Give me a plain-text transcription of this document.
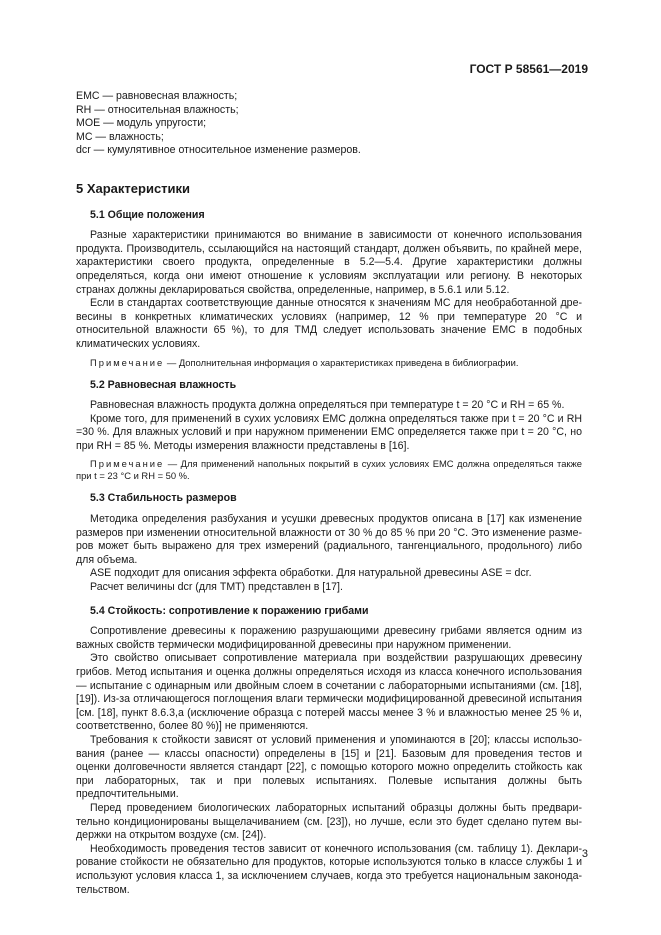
ГОСТ Р 58561—2019
EMC — равновесная влажность;
RH — относительная влажность;
MOE — модуль упругости;
MC — влажность;
dcr — кумулятивное относительное изменение размеров.
5 Характеристики
5.1 Общие положения

Разные характеристики принимаются во внимание в зависимости от конечного использования продукта. Производитель, ссылающийся на настоящий стандарт, должен объявить, по крайней мере, характеристики своего продукта, определенные в 5.2—5.4. Другие характеристики должны определяться, когда они имеют отношение к условиям эксплуатации или региону. В некоторых странах должны декларироваться свойства, определенные, например, в 5.6.1 или 5.12.

Если в стандартах соответствующие данные относятся к значениям MC для необработанной древесины в конкретных климатических условиях (например, 12 % при температуре 20 °С и относительной влажности 65 %), то для ТМД следует использовать значение EMC в подобных климатических условиях.

Примечание — Дополнительная информация о характеристиках приведена в библиографии.

5.2 Равновесная влажность

Равновесная влажность продукта должна определяться при температуре t = 20 °С и RH = 65 %.

Кроме того, для применений в сухих условиях EMC должна определяться также при t = 20 °С и RH =30 %. Для влажных условий и при наружном применении EMC определяется также при t = 20 °С, но при RH = 85 %. Методы измерения влажности представлены в [16].

Примечание — Для применений напольных покрытий в сухих условиях EMC должна определяться также при t = 23 °С и RH = 50 %.

5.3 Стабильность размеров

Методика определения разбухания и усушки древесных продуктов описана в [17] как изменение размеров при изменении относительной влажности от 30 % до 85 % при 20 °С. Это изменение размеров может быть выражено для трех измерений (радиального, тангенциального, продольного) либо для объема.

ASE подходит для описания эффекта обработки. Для натуральной древесины ASE = dcr.

Расчет величины dcr (для ТМТ) представлен в [17].

5.4 Стойкость: сопротивление к поражению грибами

Сопротивление древесины к поражению разрушающими древесину грибами является одним из важных свойств термически модифицированной древесины при наружном применении.

Это свойство описывает сопротивление материала при воздействии разрушающих древесину грибов. Метод испытания и оценка должны определяться исходя из класса конечного использования — испытание с одинарным или двойным слоем в сочетании с лабораторными испытаниями (см. [18], [19]). Из-за отличающегося поглощения влаги термически модифицированной древесиной испытания [см. [18], пункт 8.6.3,а (исключение образца с потерей массы менее 3 % и влажностью менее 25 % и, соответственно, более 80 %)] не применяются.

Требования к стойкости зависят от условий применения и упоминаются в [20]; классы использования (ранее — классы опасности) определены в [15] и [21]. Базовым для проведения тестов и оценки долговечности является стандарт [22], с помощью которого можно определить стойкость как при лабораторных, так и при полевых испытаниях. Полевые испытания должны быть предпочтительными.

Перед проведением биологических лабораторных испытаний образцы должны быть предварительно кондиционированы выщелачиванием (см. [23]), но лучше, если это будет сделано путем выдержки на открытом воздухе (см. [24]).

Необходимость проведения тестов зависит от конечного использования (см. таблицу 1). Декларирование стойкости не обязательно для продуктов, которые используются только в классе службы 1 и используют условия класса 1, за исключением случаев, когда это требуется национальным законодательством.

3
